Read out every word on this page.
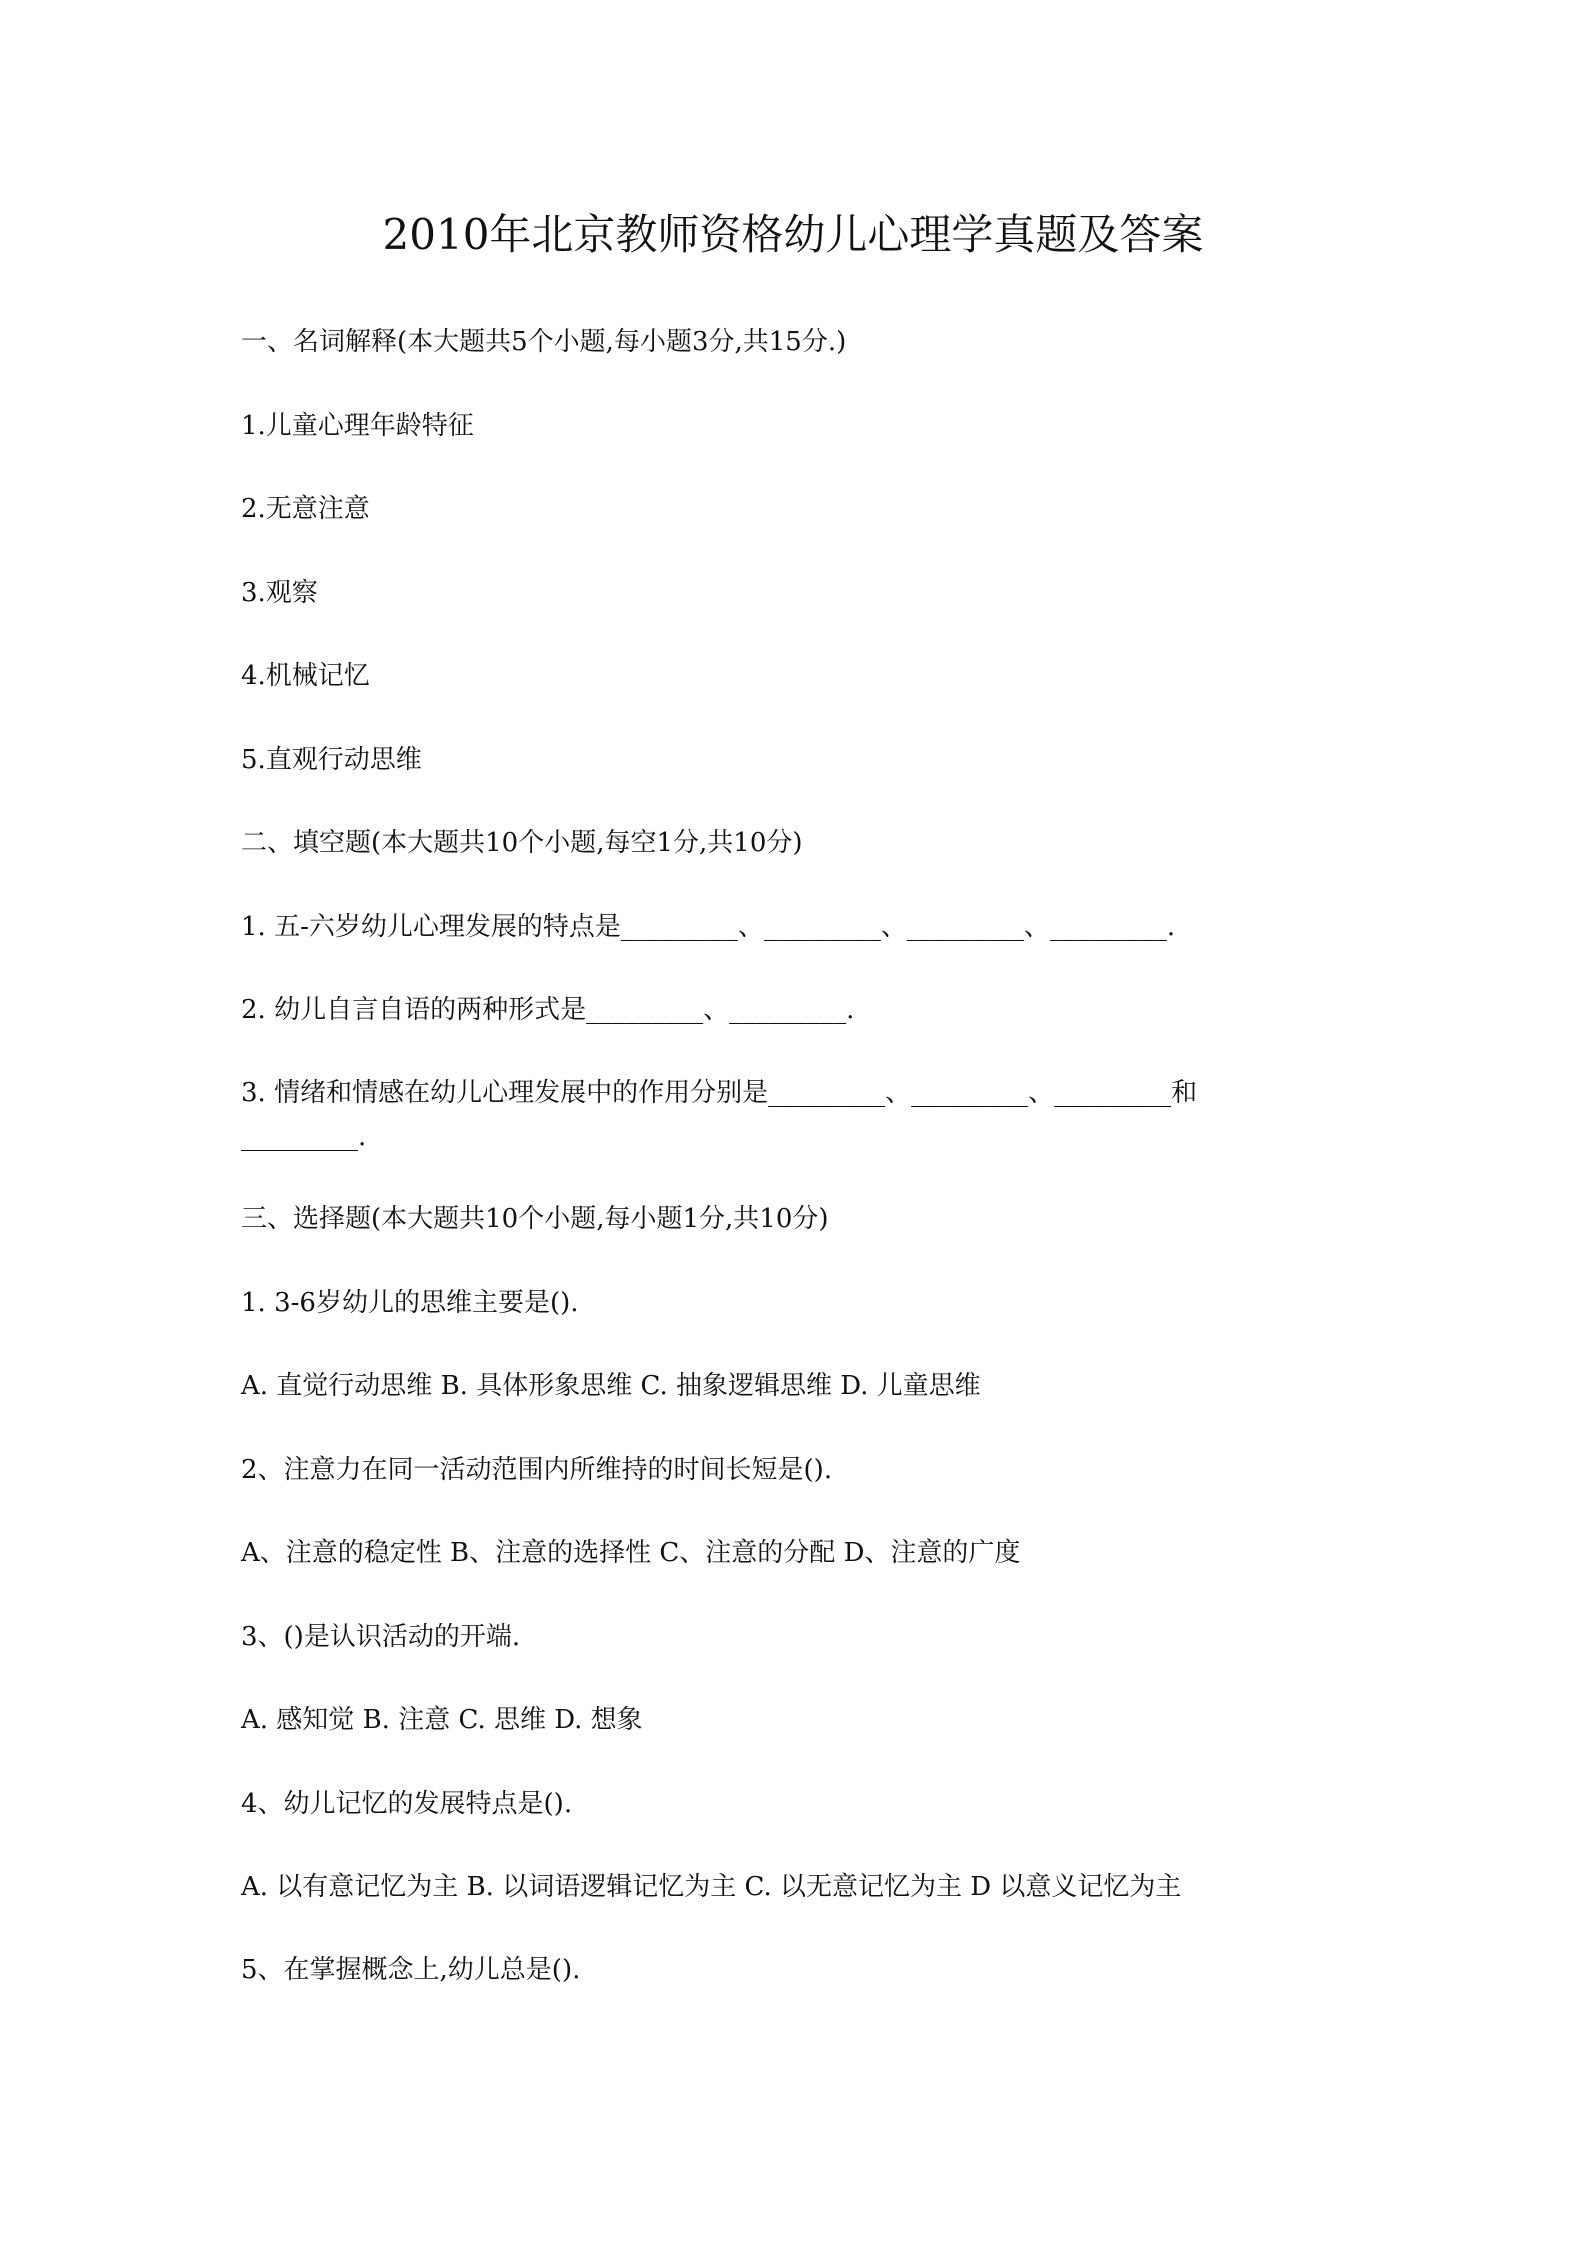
2010年北京教师资格幼儿心理学真题及答案
一、名词解释(本大题共5个小题,每小题3分,共15分.)
1.儿童心理年龄特征
2.无意注意
3.观察
4.机械记忆
5.直观行动思维
二、填空题(本大题共10个小题,每空1分,共10分)
1. 五-六岁幼儿心理发展的特点是_________、_________、_________、_________.
2. 幼儿自言自语的两种形式是_________、_________.
3. 情绪和情感在幼儿心理发展中的作用分别是_________、_________、_________和
_________.
三、选择题(本大题共10个小题,每小题1分,共10分)
1. 3-6岁幼儿的思维主要是().
A. 直觉行动思维 B. 具体形象思维 C. 抽象逻辑思维 D. 儿童思维
2、注意力在同一活动范围内所维持的时间长短是().
A、注意的稳定性 B、注意的选择性 C、注意的分配 D、注意的广度
3、()是认识活动的开端.
A. 感知觉 B. 注意 C. 思维 D. 想象
4、幼儿记忆的发展特点是().
A. 以有意记忆为主 B. 以词语逻辑记忆为主 C. 以无意记忆为主 D 以意义记忆为主
5、在掌握概念上,幼儿总是().
